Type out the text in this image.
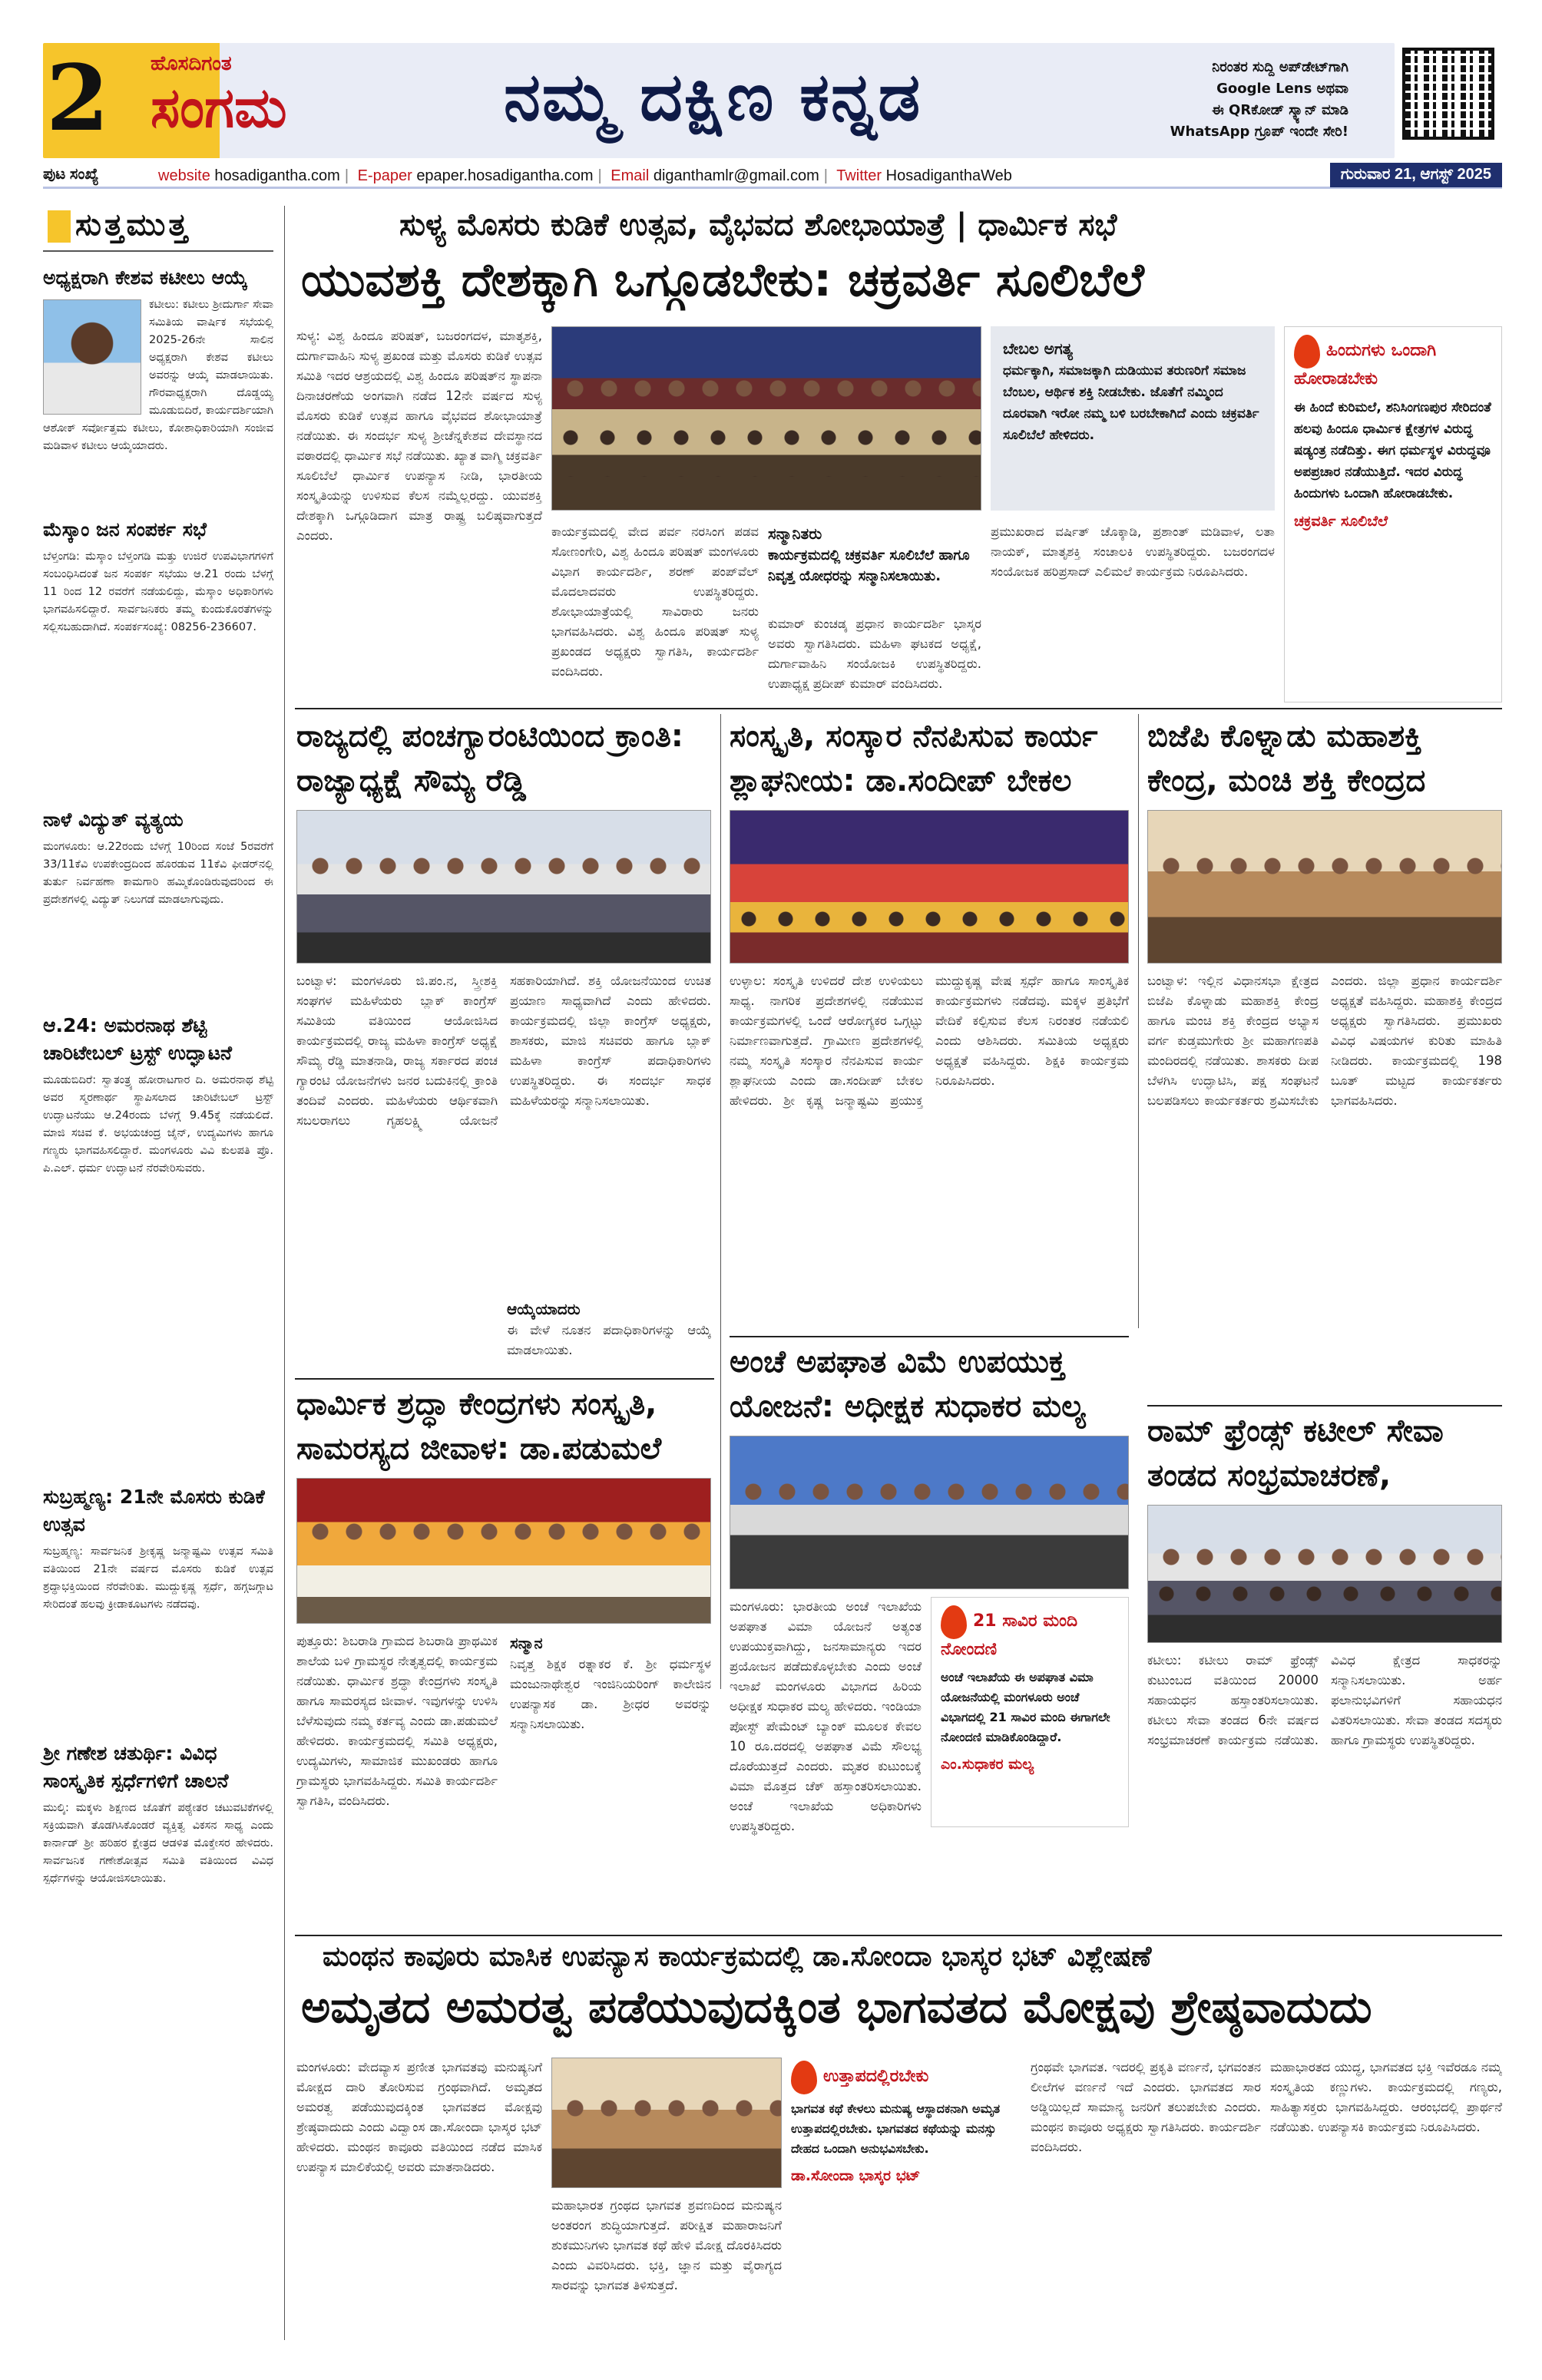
2 ಹೊಸದಿಗಂತ
ಸಂಗಮ	ನಮ್ಮ ದಕ್ಷಿಣ ಕನ್ನಡ	ನಿರಂತರ ಸುದ್ದಿ ಅಪ್‌ಡೇಟ್‌ಗಾಗಿ
Google Lens ಅಥವಾ
ಈ QRಕೋಡ್ ಸ್ಕ್ಯಾನ್ ಮಾಡಿ
WhatsApp ಗ್ರೂಪ್ ಇಂದೇ ಸೇರಿ!
ಪುಟ ಸಂಖ್ಯೆ	website hosadigantha.com | E-paper epaper.hosadigantha.com | Email diganthamlr@gmail.com | Twitter HosadiganthaWeb	ಗುರುವಾರ 21, ಆಗಸ್ಟ್ 2025
ಸುತ್ತಮುತ್ತ
ಅಧ್ಯಕ್ಷರಾಗಿ ಕೇಶವ ಕಟೀಲು ಆಯ್ಕೆ
ಕಟೀಲು: ಕಟೀಲು ಶ್ರೀದುರ್ಗಾ ಸೇವಾ ಸಮಿತಿಯ ವಾರ್ಷಿಕ ಸಭೆಯಲ್ಲಿ 2025-26ನೇ ಸಾಲಿನ ಅಧ್ಯಕ್ಷರಾಗಿ ಕೇಶವ ಕಟೀಲು ಅವರನ್ನು ಆಯ್ಕೆ ಮಾಡಲಾಯಿತು. ಗೌರವಾಧ್ಯಕ್ಷರಾಗಿ ದೊಡ್ಡಯ್ಯ ಮೂಡುಬಿದಿರೆ, ಕಾರ್ಯದರ್ಶಿಯಾಗಿ ಆಶೋಕ್ ಸರ್ವೋತ್ತಮ ಕಟೀಲು, ಕೋಶಾಧಿಕಾರಿಯಾಗಿ ಸಂಜೀವ ಮಡಿವಾಳ ಕಟೀಲು ಆಯ್ಕೆಯಾದರು.
ಮೆಸ್ಕಾಂ ಜನ ಸಂಪರ್ಕ ಸಭೆ
ಬೆಳ್ತಂಗಡಿ: ಮೆಸ್ಕಾಂ ಬೆಳ್ತಂಗಡಿ ಮತ್ತು ಉಜಿರೆ ಉಪವಿಭಾಗಗಳಿಗೆ ಸಂಬಂಧಿಸಿದಂತೆ ಜನ ಸಂಪರ್ಕ ಸಭೆಯು ಆ.21 ರಂದು ಬೆಳಗ್ಗೆ 11 ರಿಂದ 12 ರವರೆಗೆ ನಡೆಯಲಿದ್ದು, ಮೆಸ್ಕಾಂ ಅಧಿಕಾರಿಗಳು ಭಾಗವಹಿಸಲಿದ್ದಾರೆ. ಸಾರ್ವಜನಿಕರು ತಮ್ಮ ಕುಂದುಕೊರತೆಗಳನ್ನು ಸಲ್ಲಿಸಬಹುದಾಗಿದೆ. ಸಂಪರ್ಕಸಂಖ್ಯೆ: 08256-236607.
ನಾಳೆ ವಿದ್ಯುತ್ ವ್ಯತ್ಯಯ
ಮಂಗಳೂರು: ಆ.22ರಂದು ಬೆಳಗ್ಗೆ 10ರಿಂದ ಸಂಜೆ 5ರವರೆಗೆ 33/11ಕೆವಿ ಉಪಕೇಂದ್ರದಿಂದ ಹೊರಡುವ 11ಕೆವಿ ಫೀಡರ್‌ನಲ್ಲಿ ತುರ್ತು ನಿರ್ವಹಣಾ ಕಾಮಗಾರಿ ಹಮ್ಮಿಕೊಂಡಿರುವುದರಿಂದ ಈ ಪ್ರದೇಶಗಳಲ್ಲಿ ವಿದ್ಯುತ್ ನಿಲುಗಡೆ ಮಾಡಲಾಗುವುದು.
ಆ.24: ಅಮರನಾಥ ಶೆಟ್ಟಿ ಚಾರಿಟೇಬಲ್ ಟ್ರಸ್ಟ್ ಉದ್ಘಾಟನೆ
ಮೂಡುಬಿದಿರೆ: ಸ್ವಾತಂತ್ರ್ಯ ಹೋರಾಟಗಾರ ದಿ. ಅಮರನಾಥ ಶೆಟ್ಟಿ ಅವರ ಸ್ಮರಣಾರ್ಥ ಸ್ಥಾಪಿಸಲಾದ ಚಾರಿಟೇಬಲ್ ಟ್ರಸ್ಟ್ ಉದ್ಘಾಟನೆಯು ಆ.24ರಂದು ಬೆಳಗ್ಗೆ 9.45ಕ್ಕೆ ನಡೆಯಲಿದೆ. ಮಾಜಿ ಸಚಿವ ಕೆ. ಅಭಯಚಂದ್ರ ಜೈನ್, ಉದ್ಯಮಿಗಳು ಹಾಗೂ ಗಣ್ಯರು ಭಾಗವಹಿಸಲಿದ್ದಾರೆ. ಮಂಗಳೂರು ವಿವಿ ಕುಲಪತಿ ಪ್ರೊ. ಪಿ.ಎಲ್. ಧರ್ಮ ಉದ್ಘಾಟನೆ ನೆರವೇರಿಸುವರು.
ಸುಬ್ರಹ್ಮಣ್ಯ: 21ನೇ ಮೊಸರು ಕುಡಿಕೆ ಉತ್ಸವ
ಸುಬ್ರಹ್ಮಣ್ಯ: ಸಾರ್ವಜನಿಕ ಶ್ರೀಕೃಷ್ಣ ಜನ್ಮಾಷ್ಟಮಿ ಉತ್ಸವ ಸಮಿತಿ ವತಿಯಿಂದ 21ನೇ ವರ್ಷದ ಮೊಸರು ಕುಡಿಕೆ ಉತ್ಸವ ಶ್ರದ್ಧಾಭಕ್ತಿಯಿಂದ ನೆರವೇರಿತು. ಮುದ್ದುಕೃಷ್ಣ ಸ್ಪರ್ಧೆ, ಹಗ್ಗಜಗ್ಗಾಟ ಸೇರಿದಂತೆ ಹಲವು ಕ್ರೀಡಾಕೂಟಗಳು ನಡೆದವು.
ಶ್ರೀ ಗಣೇಶ ಚತುರ್ಥಿ: ವಿವಿಧ ಸಾಂಸ್ಕೃತಿಕ ಸ್ಪರ್ಧೆಗಳಿಗೆ ಚಾಲನೆ
ಮುಲ್ಕಿ: ಮಕ್ಕಳು ಶಿಕ್ಷಣದ ಜೊತೆಗೆ ಪಠ್ಯೇತರ ಚಟುವಟಿಕೆಗಳಲ್ಲಿ ಸಕ್ರಿಯವಾಗಿ ತೊಡಗಿಸಿಕೊಂಡರೆ ವ್ಯಕ್ತಿತ್ವ ವಿಕಸನ ಸಾಧ್ಯ ಎಂದು ಕಾರ್ನಾಡ್ ಶ್ರೀ ಹರಿಹರ ಕ್ಷೇತ್ರದ ಆಡಳಿತ ಮೊಕ್ತೇಸರ ಹೇಳಿದರು. ಸಾರ್ವಜನಿಕ ಗಣೇಶೋತ್ಸವ ಸಮಿತಿ ವತಿಯಿಂದ ವಿವಿಧ ಸ್ಪರ್ಧೆಗಳನ್ನು ಆಯೋಜಿಸಲಾಯಿತು.
ಸುಳ್ಯ ಮೊಸರು ಕುಡಿಕೆ ಉತ್ಸವ, ವೈಭವದ ಶೋಭಾಯಾತ್ರೆ | ಧಾರ್ಮಿಕ ಸಭೆ
ಯುವಶಕ್ತಿ ದೇಶಕ್ಕಾಗಿ ಒಗ್ಗೂಡಬೇಕು: ಚಕ್ರವರ್ತಿ ಸೂಲಿಬೆಲೆ
ಸುಳ್ಯ: ವಿಶ್ವ ಹಿಂದೂ ಪರಿಷತ್, ಬಜರಂಗದಳ, ಮಾತೃಶಕ್ತಿ, ದುರ್ಗಾವಾಹಿನಿ ಸುಳ್ಯ ಪ್ರಖಂಡ ಮತ್ತು ಮೊಸರು ಕುಡಿಕೆ ಉತ್ಸವ ಸಮಿತಿ ಇದರ ಆಶ್ರಯದಲ್ಲಿ ವಿಶ್ವ ಹಿಂದೂ ಪರಿಷತ್‌ನ ಸ್ಥಾಪನಾ ದಿನಾಚರಣೆಯ ಅಂಗವಾಗಿ ನಡೆದ 12ನೇ ವರ್ಷದ ಸುಳ್ಯ ಮೊಸರು ಕುಡಿಕೆ ಉತ್ಸವ ಹಾಗೂ ವೈಭವದ ಶೋಭಾಯಾತ್ರೆ ನಡೆಯಿತು. ಈ ಸಂದರ್ಭ ಸುಳ್ಯ ಶ್ರೀಚೆನ್ನಕೇಶವ ದೇವಸ್ಥಾನದ ವಠಾರದಲ್ಲಿ ಧಾರ್ಮಿಕ ಸಭೆ ನಡೆಯಿತು. ಖ್ಯಾತ ವಾಗ್ಮಿ ಚಕ್ರವರ್ತಿ ಸೂಲಿಬೆಲೆ ಧಾರ್ಮಿಕ ಉಪನ್ಯಾಸ ನೀಡಿ, ಭಾರತೀಯ ಸಂಸ್ಕೃತಿಯನ್ನು ಉಳಿಸುವ ಕೆಲಸ ನಮ್ಮೆಲ್ಲರದ್ದು. ಯುವಶಕ್ತಿ ದೇಶಕ್ಕಾಗಿ ಒಗ್ಗೂಡಿದಾಗ ಮಾತ್ರ ರಾಷ್ಟ್ರ ಬಲಿಷ್ಠವಾಗುತ್ತದೆ ಎಂದರು.	ಕಾರ್ಯಕ್ರಮದಲ್ಲಿ ವೇದ ಪರ್ವ ನರಸಿಂಗ ಪಡವ ಸೋಣಂಗೇರಿ, ವಿಶ್ವ ಹಿಂದೂ ಪರಿಷತ್ ಮಂಗಳೂರು ವಿಭಾಗ ಕಾರ್ಯದರ್ಶಿ, ಶರಣ್ ಪಂಪ್‌ವೆಲ್ ಮೊದಲಾದವರು ಉಪಸ್ಥಿತರಿದ್ದರು. ಶೋಭಾಯಾತ್ರೆಯಲ್ಲಿ ಸಾವಿರಾರು ಜನರು ಭಾಗವಹಿಸಿದರು. ವಿಶ್ವ ಹಿಂದೂ ಪರಿಷತ್ ಸುಳ್ಯ ಪ್ರಖಂಡದ ಅಧ್ಯಕ್ಷರು ಸ್ವಾಗತಿಸಿ, ಕಾರ್ಯದರ್ಶಿ ವಂದಿಸಿದರು.
ಸನ್ಮಾನಿತರು
ಕಾರ್ಯಕ್ರಮದಲ್ಲಿ ಚಕ್ರವರ್ತಿ ಸೂಲಿಬೆಲೆ ಹಾಗೂ ನಿವೃತ್ತ ಯೋಧರನ್ನು ಸನ್ಮಾನಿಸಲಾಯಿತು.
ಕುಮಾರ್ ಕುಂಚಡ್ಕ ಪ್ರಧಾನ ಕಾರ್ಯದರ್ಶಿ ಭಾಸ್ಕರ ಅವರು ಸ್ವಾಗತಿಸಿದರು. ಮಹಿಳಾ ಘಟಕದ ಅಧ್ಯಕ್ಷೆ, ದುರ್ಗಾವಾಹಿನಿ ಸಂಯೋಜಕಿ ಉಪಸ್ಥಿತರಿದ್ದರು. ಉಪಾಧ್ಯಕ್ಷ ಪ್ರದೀಪ್ ಕುಮಾರ್ ವಂದಿಸಿದರು.
ಬೇಬಲ ಅಗತ್ಯ
ಧರ್ಮಕ್ಕಾಗಿ, ಸಮಾಜಕ್ಕಾಗಿ ದುಡಿಯುವ ತರುಣರಿಗೆ ಸಮಾಜ ಬೆಂಬಲ, ಆರ್ಥಿಕ ಶಕ್ತಿ ನೀಡಬೇಕು. ಜೊತೆಗೆ ನಮ್ಮಿಂದ ದೂರವಾಗಿ ಇರೋ ನಮ್ಮ ಬಳಿ ಬರಬೇಕಾಗಿದೆ ಎಂದು ಚಕ್ರವರ್ತಿ ಸೂಲಿಬೆಲೆ ಹೇಳಿದರು.
ಪ್ರಮುಖರಾದ ವರ್ಷಿತ್ ಚೊಕ್ಕಾಡಿ, ಪ್ರಶಾಂತ್ ಮಡಿವಾಳ, ಲತಾ ನಾಯಕ್, ಮಾತೃಶಕ್ತಿ ಸಂಚಾಲಕಿ ಉಪಸ್ಥಿತರಿದ್ದರು. ಬಜರಂಗದಳ ಸಂಯೋಜಕ ಹರಿಪ್ರಸಾದ್ ಎಲಿಮಲೆ ಕಾರ್ಯಕ್ರಮ ನಿರೂಪಿಸಿದರು.
ಹಿಂದುಗಳು ಒಂದಾಗಿ ಹೋರಾಡಬೇಕು
ಈ ಹಿಂದೆ ಕುರಿಮಲೆ, ಶನಿಸಿಂಗಣಪುರ ಸೇರಿದಂತೆ ಹಲವು ಹಿಂದೂ ಧಾರ್ಮಿಕ ಕ್ಷೇತ್ರಗಳ ವಿರುದ್ಧ ಷಡ್ಯಂತ್ರ ನಡೆದಿತ್ತು. ಈಗ ಧರ್ಮಸ್ಥಳ ವಿರುದ್ಧವೂ ಅಪಪ್ರಚಾರ ನಡೆಯುತ್ತಿದೆ. ಇದರ ವಿರುದ್ಧ ಹಿಂದುಗಳು ಒಂದಾಗಿ ಹೋರಾಡಬೇಕು.
ಚಕ್ರವರ್ತಿ ಸೂಲಿಬೆಲೆ
ರಾಜ್ಯದಲ್ಲಿ ಪಂಚಗ್ಯಾರಂಟಿಯಿಂದ ಕ್ರಾಂತಿ: ರಾಜ್ಯಾಧ್ಯಕ್ಷೆ ಸೌಮ್ಯ ರೆಡ್ಡಿ
ಬಂಟ್ವಾಳ: ಮಂಗಳೂರು ಜಿ.ಪಂ.ನ, ಸ್ತ್ರೀಶಕ್ತಿ ಸಂಘಗಳ ಮಹಿಳೆಯರು ಬ್ಲಾಕ್ ಕಾಂಗ್ರೆಸ್ ಸಮಿತಿಯ ವತಿಯಿಂದ ಆಯೋಜಿಸಿದ ಕಾರ್ಯಕ್ರಮದಲ್ಲಿ ರಾಜ್ಯ ಮಹಿಳಾ ಕಾಂಗ್ರೆಸ್ ಅಧ್ಯಕ್ಷೆ ಸೌಮ್ಯ ರೆಡ್ಡಿ ಮಾತನಾಡಿ, ರಾಜ್ಯ ಸರ್ಕಾರದ ಪಂಚ ಗ್ಯಾರಂಟಿ ಯೋಜನೆಗಳು ಜನರ ಬದುಕಿನಲ್ಲಿ ಕ್ರಾಂತಿ ತಂದಿವೆ ಎಂದರು. ಮಹಿಳೆಯರು ಆರ್ಥಿಕವಾಗಿ ಸಬಲರಾಗಲು ಗೃಹಲಕ್ಷ್ಮಿ ಯೋಜನೆ ಸಹಕಾರಿಯಾಗಿದೆ. ಶಕ್ತಿ ಯೋಜನೆಯಿಂದ ಉಚಿತ ಪ್ರಯಾಣ ಸಾಧ್ಯವಾಗಿದೆ ಎಂದು ಹೇಳಿದರು. ಕಾರ್ಯಕ್ರಮದಲ್ಲಿ ಜಿಲ್ಲಾ ಕಾಂಗ್ರೆಸ್ ಅಧ್ಯಕ್ಷರು, ಶಾಸಕರು, ಮಾಜಿ ಸಚಿವರು ಹಾಗೂ ಬ್ಲಾಕ್ ಮಹಿಳಾ ಕಾಂಗ್ರೆಸ್ ಪದಾಧಿಕಾರಿಗಳು ಉಪಸ್ಥಿತರಿದ್ದರು. ಈ ಸಂದರ್ಭ ಸಾಧಕ ಮಹಿಳೆಯರನ್ನು ಸನ್ಮಾನಿಸಲಾಯಿತು.
ಆಯ್ಕೆಯಾದರು
ಈ ವೇಳೆ ನೂತನ ಪದಾಧಿಕಾರಿಗಳನ್ನು ಆಯ್ಕೆ ಮಾಡಲಾಯಿತು.
ಸಂಸ್ಕೃತಿ, ಸಂಸ್ಕಾರ ನೆನಪಿಸುವ ಕಾರ್ಯ ಶ್ಲಾಘನೀಯ: ಡಾ.ಸಂದೀಪ್ ಬೇಕಲ
ಉಳ್ಳಾಲ: ಸಂಸ್ಕೃತಿ ಉಳಿದರೆ ದೇಶ ಉಳಿಯಲು ಸಾಧ್ಯ. ನಾಗರಿಕ ಪ್ರದೇಶಗಳಲ್ಲಿ ನಡೆಯುವ ಕಾರ್ಯಕ್ರಮಗಳಲ್ಲಿ ಒಂದೆ ಆರೋಗ್ಯಕರ ಒಗ್ಗಟ್ಟು ನಿರ್ಮಾಣವಾಗುತ್ತದೆ. ಗ್ರಾಮೀಣ ಪ್ರದೇಶಗಳಲ್ಲಿ ನಮ್ಮ ಸಂಸ್ಕೃತಿ ಸಂಸ್ಕಾರ ನೆನಪಿಸುವ ಕಾರ್ಯ ಶ್ಲಾಘನೀಯ ಎಂದು ಡಾ.ಸಂದೀಪ್ ಬೇಕಲ ಹೇಳಿದರು. ಶ್ರೀ ಕೃಷ್ಣ ಜನ್ಮಾಷ್ಟಮಿ ಪ್ರಯುಕ್ತ ಮುದ್ದುಕೃಷ್ಣ ವೇಷ ಸ್ಪರ್ಧೆ ಹಾಗೂ ಸಾಂಸ್ಕೃತಿಕ ಕಾರ್ಯಕ್ರಮಗಳು ನಡೆದವು. ಮಕ್ಕಳ ಪ್ರತಿಭೆಗೆ ವೇದಿಕೆ ಕಲ್ಪಿಸುವ ಕೆಲಸ ನಿರಂತರ ನಡೆಯಲಿ ಎಂದು ಆಶಿಸಿದರು. ಸಮಿತಿಯ ಅಧ್ಯಕ್ಷರು ಅಧ್ಯಕ್ಷತೆ ವಹಿಸಿದ್ದರು. ಶಿಕ್ಷಕಿ ಕಾರ್ಯಕ್ರಮ ನಿರೂಪಿಸಿದರು.
ಬಿಜೆಪಿ ಕೊಳ್ನಾಡು ಮಹಾಶಕ್ತಿ ಕೇಂದ್ರ, ಮಂಚಿ ಶಕ್ತಿ ಕೇಂದ್ರದ
ಬಂಟ್ವಾಳ: ಇಲ್ಲಿನ ವಿಧಾನಸಭಾ ಕ್ಷೇತ್ರದ ಬಿಜೆಪಿ ಕೊಳ್ನಾಡು ಮಹಾಶಕ್ತಿ ಕೇಂದ್ರ ಹಾಗೂ ಮಂಚಿ ಶಕ್ತಿ ಕೇಂದ್ರದ ಅಭ್ಯಾಸ ವರ್ಗ ಕುಡ್ತಮುಗೇರು ಶ್ರೀ ಮಹಾಗಣಪತಿ ಮಂದಿರದಲ್ಲಿ ನಡೆಯಿತು. ಶಾಸಕರು ದೀಪ ಬೆಳಗಿಸಿ ಉದ್ಘಾಟಿಸಿ, ಪಕ್ಷ ಸಂಘಟನೆ ಬಲಪಡಿಸಲು ಕಾರ್ಯಕರ್ತರು ಶ್ರಮಿಸಬೇಕು ಎಂದರು. ಜಿಲ್ಲಾ ಪ್ರಧಾನ ಕಾರ್ಯದರ್ಶಿ ಅಧ್ಯಕ್ಷತೆ ವಹಿಸಿದ್ದರು. ಮಹಾಶಕ್ತಿ ಕೇಂದ್ರದ ಅಧ್ಯಕ್ಷರು ಸ್ವಾಗತಿಸಿದರು. ಪ್ರಮುಖರು ವಿವಿಧ ವಿಷಯಗಳ ಕುರಿತು ಮಾಹಿತಿ ನೀಡಿದರು. ಕಾರ್ಯಕ್ರಮದಲ್ಲಿ 198 ಬೂತ್ ಮಟ್ಟದ ಕಾರ್ಯಕರ್ತರು ಭಾಗವಹಿಸಿದರು.
ಧಾರ್ಮಿಕ ಶ್ರದ್ಧಾ ಕೇಂದ್ರಗಳು ಸಂಸ್ಕೃತಿ, ಸಾಮರಸ್ಯದ ಜೀವಾಳ: ಡಾ.ಪಡುಮಲೆ
ಪುತ್ತೂರು: ಶಿಬರಾಡಿ ಗ್ರಾಮದ ಶಿಬರಾಡಿ ಪ್ರಾಥಮಿಕ ಶಾಲೆಯ ಬಳಿ ಗ್ರಾಮಸ್ಥರ ನೇತೃತ್ವದಲ್ಲಿ ಕಾರ್ಯಕ್ರಮ ನಡೆಯಿತು. ಧಾರ್ಮಿಕ ಶ್ರದ್ಧಾ ಕೇಂದ್ರಗಳು ಸಂಸ್ಕೃತಿ ಹಾಗೂ ಸಾಮರಸ್ಯದ ಜೀವಾಳ. ಇವುಗಳನ್ನು ಉಳಿಸಿ ಬೆಳೆಸುವುದು ನಮ್ಮ ಕರ್ತವ್ಯ ಎಂದು ಡಾ.ಪಡುಮಲೆ ಹೇಳಿದರು. ಕಾರ್ಯಕ್ರಮದಲ್ಲಿ ಸಮಿತಿ ಅಧ್ಯಕ್ಷರು, ಉದ್ಯಮಿಗಳು, ಸಾಮಾಜಿಕ ಮುಖಂಡರು ಹಾಗೂ ಗ್ರಾಮಸ್ಥರು ಭಾಗವಹಿಸಿದ್ದರು. ಸಮಿತಿ ಕಾರ್ಯದರ್ಶಿ ಸ್ವಾಗತಿಸಿ, ವಂದಿಸಿದರು.
ಸನ್ಮಾನ
ನಿವೃತ್ತ ಶಿಕ್ಷಕ ರತ್ನಾಕರ ಕೆ. ಶ್ರೀ ಧರ್ಮಸ್ಥಳ ಮಂಜುನಾಥೇಶ್ವರ ಇಂಜಿನಿಯರಿಂಗ್ ಕಾಲೇಜಿನ ಉಪನ್ಯಾಸಕ ಡಾ. ಶ್ರೀಧರ ಅವರನ್ನು ಸನ್ಮಾನಿಸಲಾಯಿತು.
ಅಂಚೆ ಅಪಘಾತ ವಿಮೆ ಉಪಯುಕ್ತ ಯೋಜನೆ: ಅಧೀಕ್ಷಕ ಸುಧಾಕರ ಮಲ್ಯ
ಮಂಗಳೂರು: ಭಾರತೀಯ ಅಂಚೆ ಇಲಾಖೆಯ ಅಪಘಾತ ವಿಮಾ ಯೋಜನೆ ಅತ್ಯಂತ ಉಪಯುಕ್ತವಾಗಿದ್ದು, ಜನಸಾಮಾನ್ಯರು ಇದರ ಪ್ರಯೋಜನ ಪಡೆದುಕೊಳ್ಳಬೇಕು ಎಂದು ಅಂಚೆ ಇಲಾಖೆ ಮಂಗಳೂರು ವಿಭಾಗದ ಹಿರಿಯ ಅಧೀಕ್ಷಕ ಸುಧಾಕರ ಮಲ್ಯ ಹೇಳಿದರು. ಇಂಡಿಯಾ ಪೋಸ್ಟ್ ಪೇಮೆಂಟ್ ಬ್ಯಾಂಕ್ ಮೂಲಕ ಕೇವಲ 10 ರೂ.ದರದಲ್ಲಿ ಅಪಘಾತ ವಿಮೆ ಸೌಲಭ್ಯ ದೊರೆಯುತ್ತದೆ ಎಂದರು. ಮೃತರ ಕುಟುಂಬಕ್ಕೆ ವಿಮಾ ಮೊತ್ತದ ಚೆಕ್ ಹಸ್ತಾಂತರಿಸಲಾಯಿತು. ಅಂಚೆ ಇಲಾಖೆಯ ಅಧಿಕಾರಿಗಳು ಉಪಸ್ಥಿತರಿದ್ದರು.
21 ಸಾವಿರ ಮಂದಿ ನೋಂದಣಿ
ಅಂಚೆ ಇಲಾಖೆಯ ಈ ಅಪಘಾತ ವಿಮಾ ಯೋಜನೆಯಲ್ಲಿ ಮಂಗಳೂರು ಅಂಚೆ ವಿಭಾಗದಲ್ಲಿ 21 ಸಾವಿರ ಮಂದಿ ಈಗಾಗಲೇ ನೋಂದಣಿ ಮಾಡಿಕೊಂಡಿದ್ದಾರೆ.
ಎಂ.ಸುಧಾಕರ ಮಲ್ಯ
ರಾಮ್ ಫ್ರೆಂಡ್ಸ್ ಕಟೀಲ್ ಸೇವಾ ತಂಡದ ಸಂಭ್ರಮಾಚರಣೆ,
ಕಟೀಲು: ಕಟೀಲು ರಾಮ್ ಫ್ರೆಂಡ್ಸ್ ಕುಟುಂಬದ ವತಿಯಿಂದ 20000 ಸಹಾಯಧನ ಹಸ್ತಾಂತರಿಸಲಾಯಿತು. ಕಟೀಲು ಸೇವಾ ತಂಡದ 6ನೇ ವರ್ಷದ ಸಂಭ್ರಮಾಚರಣೆ ಕಾರ್ಯಕ್ರಮ ನಡೆಯಿತು. ವಿವಿಧ ಕ್ಷೇತ್ರದ ಸಾಧಕರನ್ನು ಸನ್ಮಾನಿಸಲಾಯಿತು. ಅರ್ಹ ಫಲಾನುಭವಿಗಳಿಗೆ ಸಹಾಯಧನ ವಿತರಿಸಲಾಯಿತು. ಸೇವಾ ತಂಡದ ಸದಸ್ಯರು ಹಾಗೂ ಗ್ರಾಮಸ್ಥರು ಉಪಸ್ಥಿತರಿದ್ದರು.
ಮಂಥನ ಕಾವೂರು ಮಾಸಿಕ ಉಪನ್ಯಾಸ ಕಾರ್ಯಕ್ರಮದಲ್ಲಿ ಡಾ.ಸೋಂದಾ ಭಾಸ್ಕರ ಭಟ್ ವಿಶ್ಲೇಷಣೆ
ಅಮೃತದ ಅಮರತ್ವ ಪಡೆಯುವುದಕ್ಕಿಂತ ಭಾಗವತದ ಮೋಕ್ಷವು ಶ್ರೇಷ್ಠವಾದುದು
ಮಂಗಳೂರು: ವೇದವ್ಯಾಸ ಪ್ರಣೀತ ಭಾಗವತವು ಮನುಷ್ಯನಿಗೆ ಮೋಕ್ಷದ ದಾರಿ ತೋರಿಸುವ ಗ್ರಂಥವಾಗಿದೆ. ಅಮೃತದ ಅಮರತ್ವ ಪಡೆಯುವುದಕ್ಕಿಂತ ಭಾಗವತದ ಮೋಕ್ಷವು ಶ್ರೇಷ್ಠವಾದುದು ಎಂದು ವಿದ್ವಾಂಸ ಡಾ.ಸೋಂದಾ ಭಾಸ್ಕರ ಭಟ್ ಹೇಳಿದರು. ಮಂಥನ ಕಾವೂರು ವತಿಯಿಂದ ನಡೆದ ಮಾಸಿಕ ಉಪನ್ಯಾಸ ಮಾಲಿಕೆಯಲ್ಲಿ ಅವರು ಮಾತನಾಡಿದರು.
ಮಹಾಭಾರತ ಗ್ರಂಥದ ಭಾಗವತ ಶ್ರವಣದಿಂದ ಮನುಷ್ಯನ ಅಂತರಂಗ ಶುದ್ಧಿಯಾಗುತ್ತದೆ. ಪರೀಕ್ಷಿತ ಮಹಾರಾಜನಿಗೆ ಶುಕಮುನಿಗಳು ಭಾಗವತ ಕಥೆ ಹೇಳಿ ಮೋಕ್ಷ ದೊರಕಿಸಿದರು ಎಂದು ವಿವರಿಸಿದರು. ಭಕ್ತಿ, ಜ್ಞಾನ ಮತ್ತು ವೈರಾಗ್ಯದ ಸಾರವನ್ನು ಭಾಗವತ ತಿಳಿಸುತ್ತದೆ.
ಉತ್ತಾಪದಲ್ಲಿರಬೇಕು
ಭಾಗವತ ಕಥೆ ಕೇಳಲು ಮನುಷ್ಯ ಆಸ್ಥಾದಕನಾಗಿ ಅಮೃತ ಉತ್ತಾಪದಲ್ಲಿರಬೇಕು. ಭಾಗವತದ ಕಥೆಯನ್ನು ಮನಸ್ಸು ದೇಹದ ಒಂದಾಗಿ ಅನುಭವಿಸಬೇಕು.
ಡಾ.ಸೋಂದಾ ಭಾಸ್ಕರ ಭಟ್
ಗ್ರಂಥವೇ ಭಾಗವತ. ಇದರಲ್ಲಿ ಪ್ರಕೃತಿ ವರ್ಣನೆ, ಭಗವಂತನ ಲೀಲೆಗಳ ವರ್ಣನೆ ಇದೆ ಎಂದರು. ಭಾಗವತದ ಸಾರ ಅಡ್ಡಿಯಿಲ್ಲದೆ ಸಾಮಾನ್ಯ ಜನರಿಗೆ ತಲುಪಬೇಕು ಎಂದರು. ಮಂಥನ ಕಾವೂರು ಅಧ್ಯಕ್ಷರು ಸ್ವಾಗತಿಸಿದರು. ಕಾರ್ಯದರ್ಶಿ ವಂದಿಸಿದರು.
ಮಹಾಭಾರತದ ಯುದ್ಧ, ಭಾಗವತದ ಭಕ್ತಿ ಇವೆರಡೂ ನಮ್ಮ ಸಂಸ್ಕೃತಿಯ ಕಣ್ಣುಗಳು. ಕಾರ್ಯಕ್ರಮದಲ್ಲಿ ಗಣ್ಯರು, ಸಾಹಿತ್ಯಾಸಕ್ತರು ಭಾಗವಹಿಸಿದ್ದರು. ಆರಂಭದಲ್ಲಿ ಪ್ರಾರ್ಥನೆ ನಡೆಯಿತು. ಉಪನ್ಯಾಸಕಿ ಕಾರ್ಯಕ್ರಮ ನಿರೂಪಿಸಿದರು.
